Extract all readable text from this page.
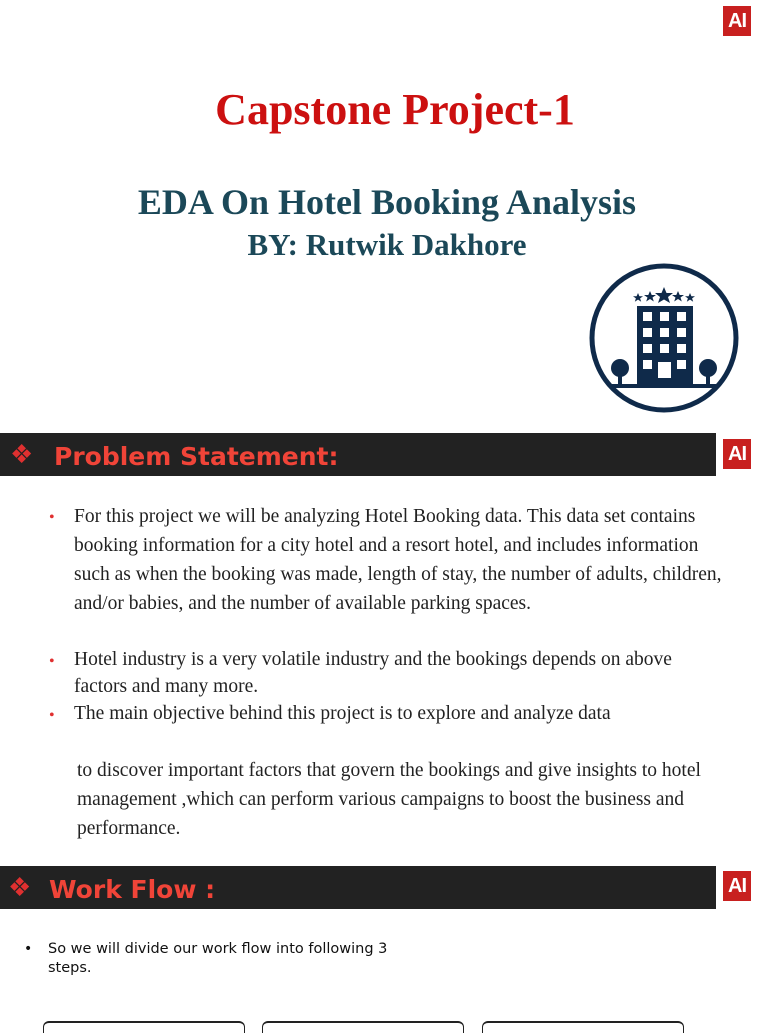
AI
Capstone Project-1
EDA On Hotel Booking Analysis
BY: Rutwik Dakhore
❖ Problem Statement:	AI
• For this project we will be analyzing Hotel Booking data. This data set contains booking information for a city hotel and a resort hotel, and includes information such as when the booking was made, length of stay, the number of adults, children, and/or babies, and the number of available parking spaces.
• Hotel industry is a very volatile industry and the bookings depends on above factors and many more.
• The main objective behind this project is to explore and analyze data
to discover important factors that govern the bookings and give insights to hotel management ,which can perform various campaigns to boost the business and performance.
❖ Work Flow :	AI
• So we will divide our work flow into following 3 steps.
